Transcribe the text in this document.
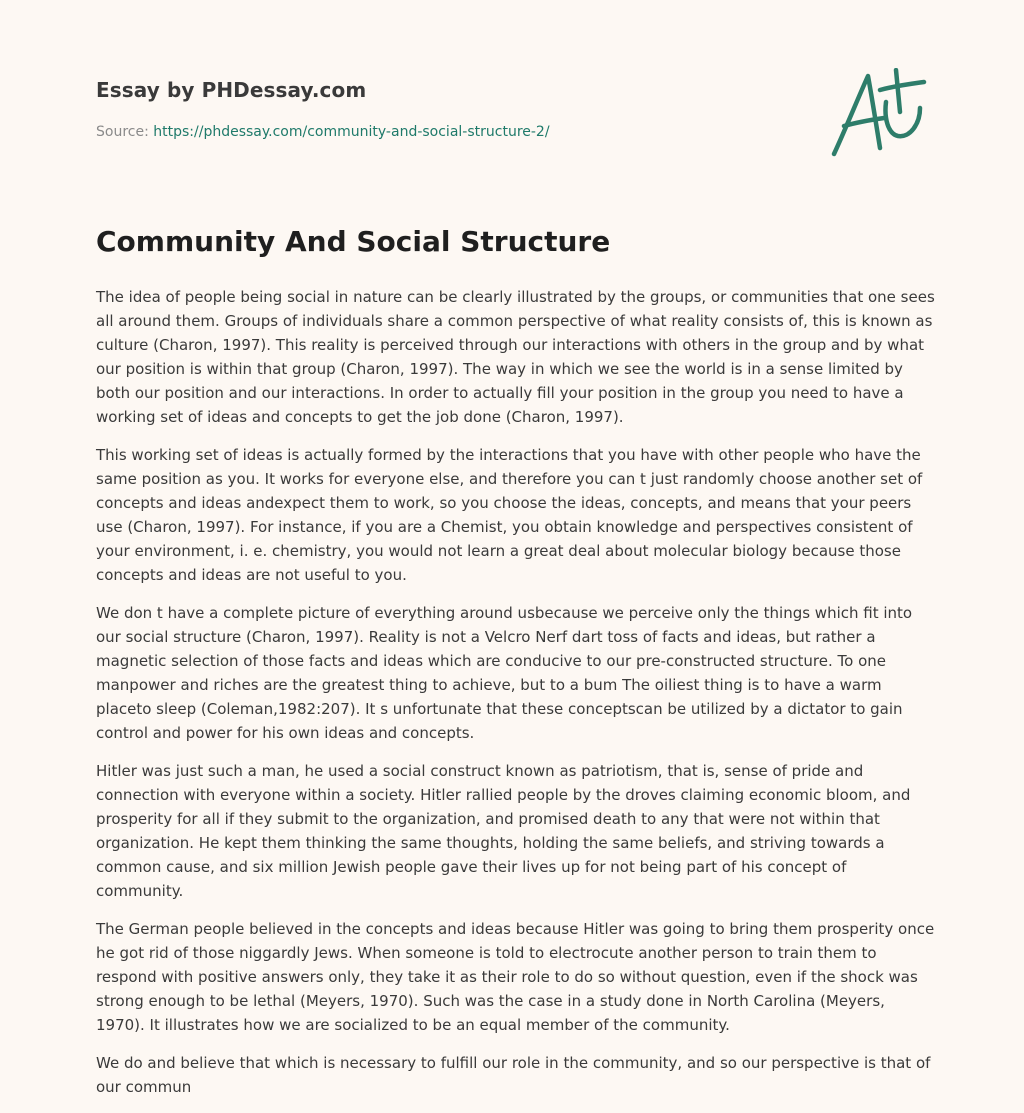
Essay by PHDessay.com
Source: https://phdessay.com/community-and-social-structure-2/
Community And Social Structure

The idea of people being social in nature can be clearly illustrated by the groups, or communities that one sees all around them. Groups of individuals share a common perspective of what reality consists of, this is known as culture (Charon, 1997). This reality is perceived through our interactions with others in the group and by what our position is within that group (Charon, 1997). The way in which we see the world is in a sense limited by both our position and our interactions. In order to actually fill your position in the group you need to have a working set of ideas and concepts to get the job done (Charon, 1997).

This working set of ideas is actually formed by the interactions that you have with other people who have the same position as you. It works for everyone else, and therefore you can t just randomly choose another set of concepts and ideas andexpect them to work, so you choose the ideas, concepts, and means that your peers use (Charon, 1997). For instance, if you are a Chemist, you obtain knowledge and perspectives consistent of your environment, i. e. chemistry, you would not learn a great deal about molecular biology because those concepts and ideas are not useful to you.

We don t have a complete picture of everything around usbecause we perceive only the things which fit into our social structure (Charon, 1997). Reality is not a Velcro Nerf dart toss of facts and ideas, but rather a magnetic selection of those facts and ideas which are conducive to our pre-constructed structure. To one manpower and riches are the greatest thing to achieve, but to a bum The oiliest thing is to have a warm placeto sleep (Coleman,1982:207). It s unfortunate that these conceptscan be utilized by a dictator to gain control and power for his own ideas and concepts.

Hitler was just such a man, he used a social construct known as patriotism, that is, sense of pride and connection with everyone within a society. Hitler rallied people by the droves claiming economic bloom, and prosperity for all if they submit to the organization, and promised death to any that were not within that organization. He kept them thinking the same thoughts, holding the same beliefs, and striving towards a common cause, and six million Jewish people gave their lives up for not being part of his concept of community.

The German people believed in the concepts and ideas because Hitler was going to bring them prosperity once he got rid of those niggardly Jews. When someone is told to electrocute another person to train them to respond with positive answers only, they take it as their role to do so without question, even if the shock was strong enough to be lethal (Meyers, 1970). Such was the case in a study done in North Carolina (Meyers, 1970). It illustrates how we are socialized to be an equal member of the community.

We do and believe that which is necessary to fulfill our role in the community, and so our perspective is that of our commun
